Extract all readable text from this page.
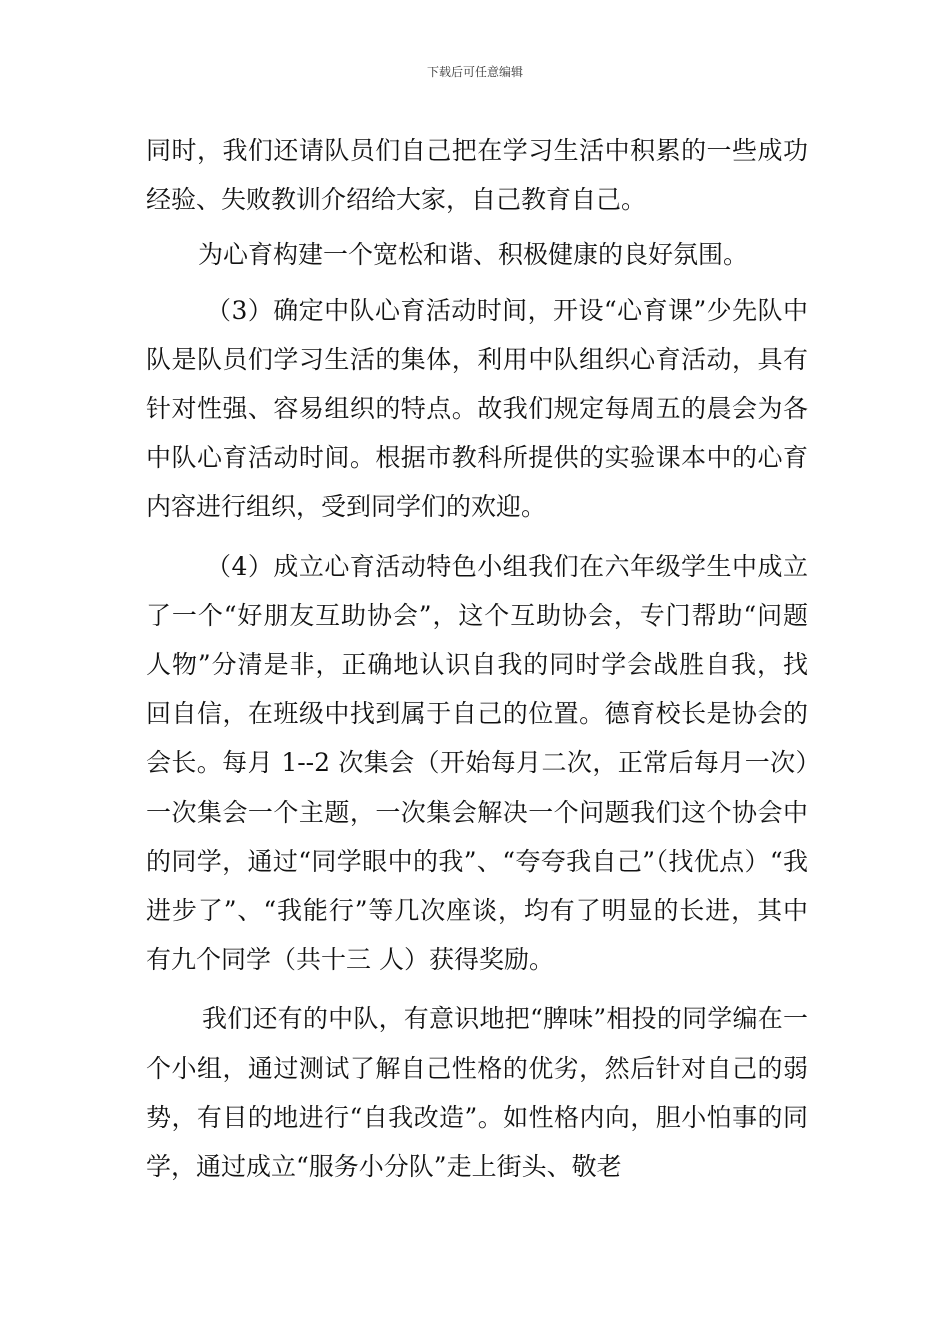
下载后可任意编辑

同时，我们还请队员们自己把在学习生活中积累的一些成功经验、失败教训介绍给大家，自己教育自己。

为心育构建一个宽松和谐、积极健康的良好氛围。

（3）确定中队心育活动时间，开设“心育课”少先队中队是队员们学习生活的集体，利用中队组织心育活动，具有针对性强、容易组织的特点。故我们规定每周五的晨会为各中队心育活动时间。根据市教科所提供的实验课本中的心育内容进行组织，受到同学们的欢迎。

（4）成立心育活动特色小组我们在六年级学生中成立了一个“好朋友互助协会”，这个互助协会，专门帮助“问题人物”分清是非，正确地认识自我的同时学会战胜自我，找回自信，在班级中找到属于自己的位置。德育校长是协会的会长。每月 1--2 次集会（开始每月二次，正常后每月一次）一次集会一个主题，一次集会解决一个问题我们这个协会中的同学，通过“同学眼中的我”、“夸夸我自己”（找优点）“我进步了”、“我能行”等几次座谈，均有了明显的长进，其中有九个同学（共十三 人）获得奖励。

我们还有的中队，有意识地把“脾味”相投的同学编在一个小组，通过测试了解自己性格的优劣，然后针对自己的弱势，有目的地进行“自我改造”。如性格内向，胆小怕事的同学，通过成立“服务小分队”走上街头、敬老
